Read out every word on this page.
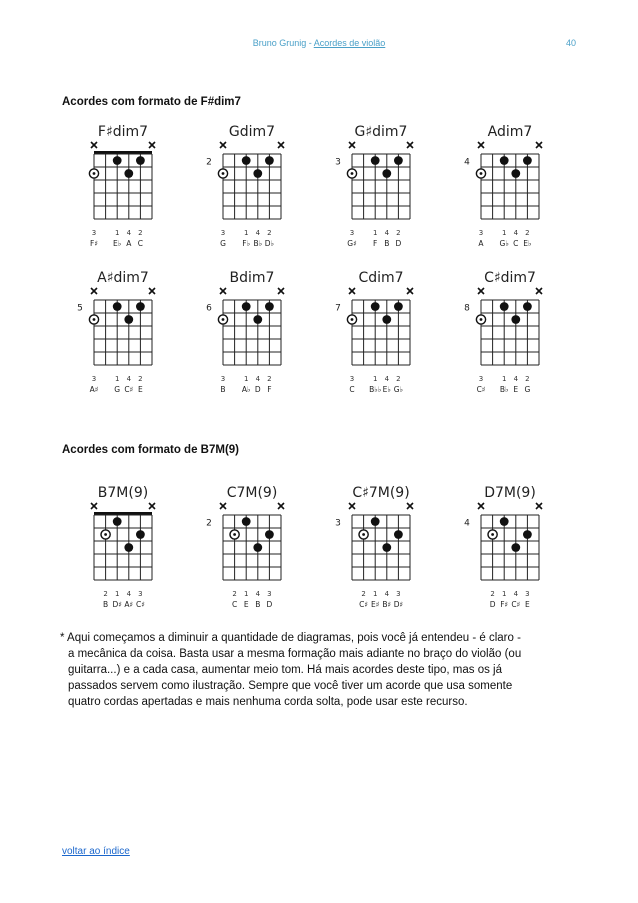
Bruno Grunig - Acordes de violão	40
Acordes com formato de F#dim7
F♯dim7
3
F♯
1
E♭
4
A
2
C
Gdim7
2
3
G
1
F♭
4
B♭
2
D♭
G♯dim7
3
3
G♯
1
F
4
B
2
D
Adim7
4
3
A
1
G♭
4
C
2
E♭
A♯dim7
5
3
A♯
1
G
4
C♯
2
E
Bdim7
6
3
B
1
A♭
4
D
2
F
Cdim7
7
3
C
1
B♭♭
4
E♭
2
G♭
C♯dim7
8
3
C♯
1
B♭
4
E
2
G
Acordes com formato de B7M(9)
B7M(9)
2
B
1
D♯
4
A♯
3
C♯
C7M(9)
2
2
C
1
E
4
B
3
D
C♯7M(9)
3
2
C♯
1
E♯
4
B♯
3
D♯
D7M(9)
4
2
D
1
F♯
4
C♯
3
E
* Aqui começamos a diminuir a quantidade de diagramas, pois você já entendeu - é claro -
a mecânica da coisa. Basta usar a mesma formação mais adiante no braço do violão (ou
guitarra...) e a cada casa, aumentar meio tom. Há mais acordes deste tipo, mas os já
passados servem como ilustração. Sempre que você tiver um acorde que usa somente
quatro cordas apertadas e mais nenhuma corda solta, pode usar este recurso.
voltar ao índice
